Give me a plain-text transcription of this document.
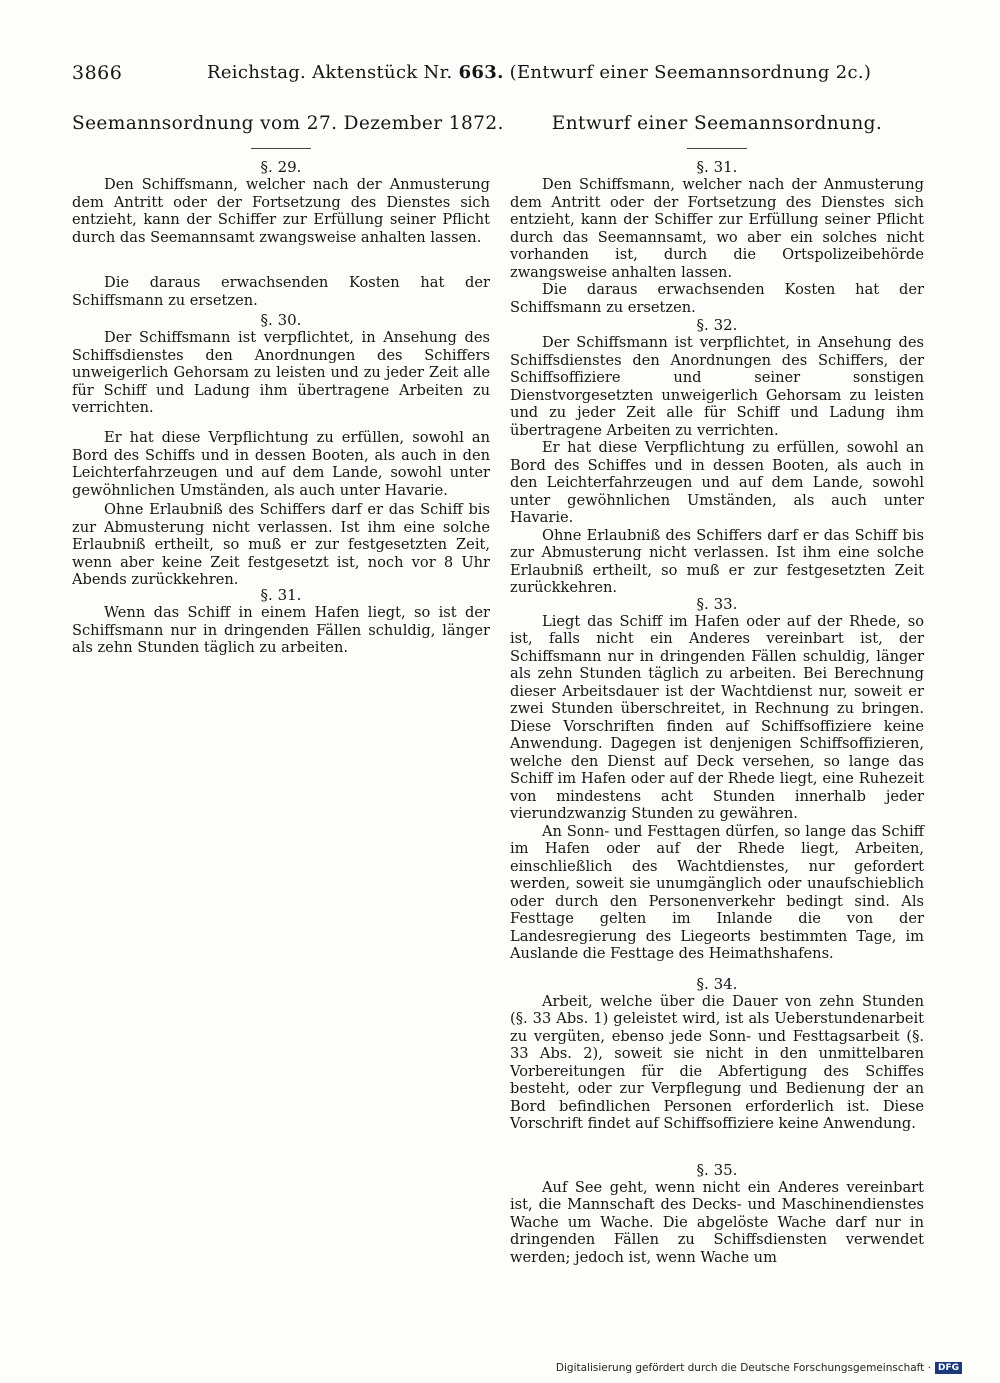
3866	Reichstag. Aktenstück Nr. 663. (Entwurf einer Seemannsordnung 2c.)
Seemannsordnung vom 27. Dezember 1872.
§. 29.

Den Schiffsmann, welcher nach der Anmusterung dem Antritt oder der Fortsetzung des Dienstes sich entzieht, kann der Schiffer zur Erfüllung seiner Pflicht durch das Seemannsamt zwangsweise anhalten lassen.

Die daraus erwachsenden Kosten hat der Schiffsmann zu ersetzen.

§. 30.

Der Schiffsmann ist verpflichtet, in Ansehung des Schiffsdienstes den Anordnungen des Schiffers unweigerlich Gehorsam zu leisten und zu jeder Zeit alle für Schiff und Ladung ihm übertragene Arbeiten zu verrichten.

Er hat diese Verpflichtung zu erfüllen, sowohl an Bord des Schiffs und in dessen Booten, als auch in den Leichterfahrzeugen und auf dem Lande, sowohl unter gewöhnlichen Umständen, als auch unter Havarie.

Ohne Erlaubniß des Schiffers darf er das Schiff bis zur Abmusterung nicht verlassen. Ist ihm eine solche Erlaubniß ertheilt, so muß er zur festgesetzten Zeit, wenn aber keine Zeit festgesetzt ist, noch vor 8 Uhr Abends zurückkehren.

§. 31.

Wenn das Schiff in einem Hafen liegt, so ist der Schiffsmann nur in dringenden Fällen schuldig, länger als zehn Stunden täglich zu arbeiten.

Entwurf einer Seemannsordnung.
§. 31.

Den Schiffsmann, welcher nach der Anmusterung dem Antritt oder der Fortsetzung des Dienstes sich entzieht, kann der Schiffer zur Erfüllung seiner Pflicht durch das Seemannsamt, wo aber ein solches nicht vorhanden ist, durch die Ortspolizeibehörde zwangsweise anhalten lassen.

Die daraus erwachsenden Kosten hat der Schiffsmann zu ersetzen.

§. 32.

Der Schiffsmann ist verpflichtet, in Ansehung des Schiffsdienstes den Anordnungen des Schiffers, der Schiffsoffiziere und seiner sonstigen Dienstvorgesetzten unweigerlich Gehorsam zu leisten und zu jeder Zeit alle für Schiff und Ladung ihm übertragene Arbeiten zu verrichten.

Er hat diese Verpflichtung zu erfüllen, sowohl an Bord des Schiffes und in dessen Booten, als auch in den Leichterfahrzeugen und auf dem Lande, sowohl unter gewöhnlichen Umständen, als auch unter Havarie.

Ohne Erlaubniß des Schiffers darf er das Schiff bis zur Abmusterung nicht verlassen. Ist ihm eine solche Erlaubniß ertheilt, so muß er zur festgesetzten Zeit zurückkehren.

§. 33.

Liegt das Schiff im Hafen oder auf der Rhede, so ist, falls nicht ein Anderes vereinbart ist, der Schiffsmann nur in dringenden Fällen schuldig, länger als zehn Stunden täglich zu arbeiten. Bei Berechnung dieser Arbeitsdauer ist der Wachtdienst nur, soweit er zwei Stunden überschreitet, in Rechnung zu bringen. Diese Vorschriften finden auf Schiffsoffiziere keine Anwendung. Dagegen ist denjenigen Schiffsoffizieren, welche den Dienst auf Deck versehen, so lange das Schiff im Hafen oder auf der Rhede liegt, eine Ruhezeit von mindestens acht Stunden innerhalb jeder vierundzwanzig Stunden zu gewähren.

An Sonn- und Festtagen dürfen, so lange das Schiff im Hafen oder auf der Rhede liegt, Arbeiten, einschließlich des Wachtdienstes, nur gefordert werden, soweit sie unumgänglich oder unaufschieblich oder durch den Personenverkehr bedingt sind. Als Festtage gelten im Inlande die von der Landesregierung des Liegeorts bestimmten Tage, im Auslande die Festtage des Heimathshafens.

§. 34.

Arbeit, welche über die Dauer von zehn Stunden (§. 33 Abs. 1) geleistet wird, ist als Ueberstundenarbeit zu vergüten, ebenso jede Sonn- und Festtagsarbeit (§. 33 Abs. 2), soweit sie nicht in den unmittelbaren Vorbereitungen für die Abfertigung des Schiffes besteht, oder zur Verpflegung und Bedienung der an Bord befindlichen Personen erforderlich ist. Diese Vorschrift findet auf Schiffsoffiziere keine Anwendung.

§. 35.

Auf See geht, wenn nicht ein Anderes vereinbart ist, die Mannschaft des Decks- und Maschinendienstes Wache um Wache. Die abgelöste Wache darf nur in dringenden Fällen zu Schiffsdiensten verwendet werden; jedoch ist, wenn Wache um

Digitalisierung gefördert durch die Deutsche Forschungsgemeinschaft · DFG
